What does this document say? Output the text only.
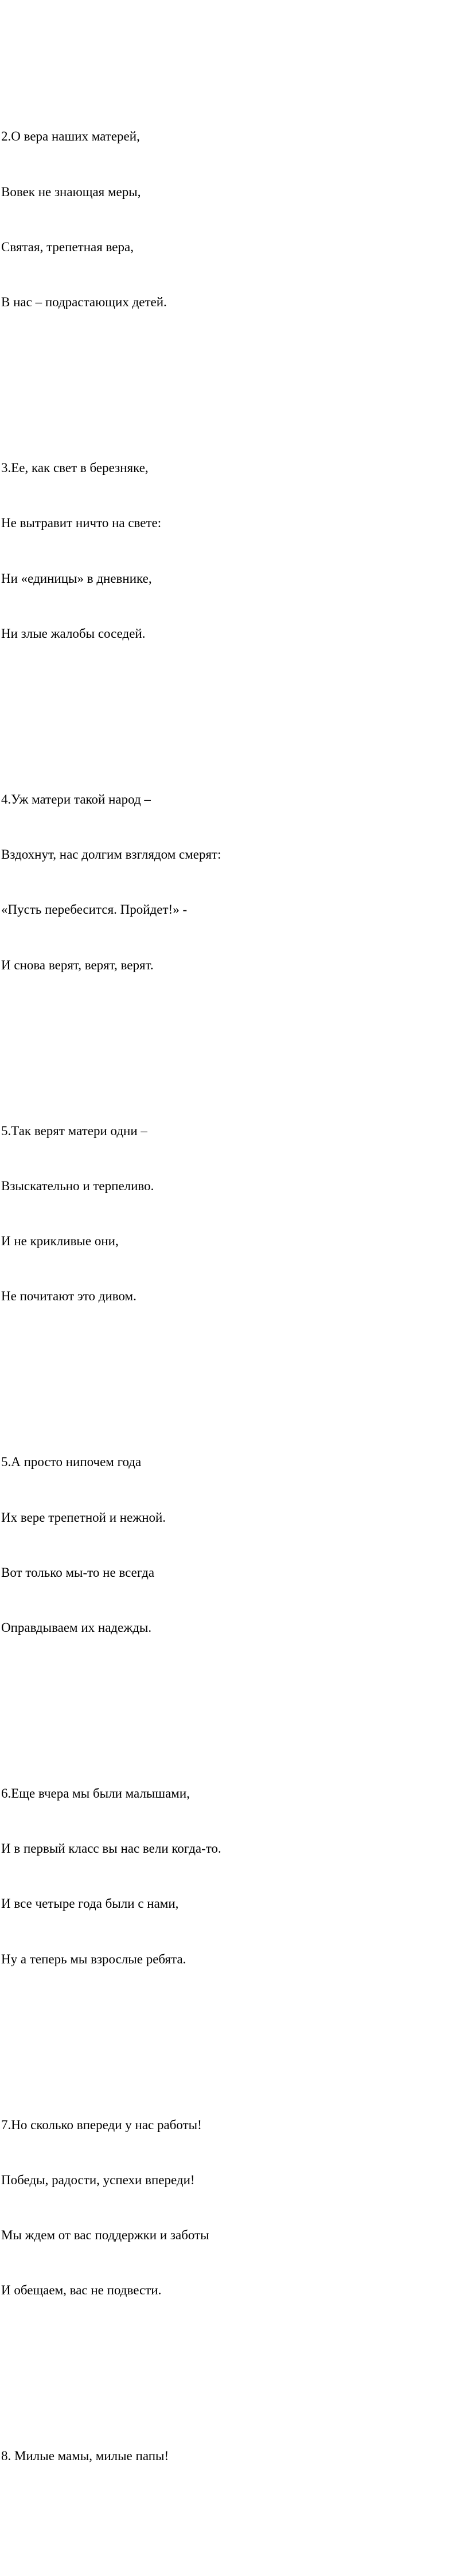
2.О вера наших матерей,

Вовек не знающая меры,

Святая, трепетная вера,

В нас – подрастающих детей.

3.Ее, как свет в березняке,

Не вытравит ничто на свете:

Ни «единицы» в дневнике,

Ни злые жалобы соседей.

4.Уж матери такой народ –

Вздохнут, нас долгим взглядом смерят:

«Пусть перебесится. Пройдет!» -

И снова верят, верят, верят.

5.Так верят матери одни –

Взыскательно и терпеливо.

И не крикливые они,

Не почитают это дивом.

5.А просто нипочем года

Их вере трепетной и нежной.

Вот только мы-то не всегда

Оправдываем их надежды.

6.Еще вчера мы были малышами,

И в первый класс вы нас вели когда-то.

И все четыре года были с нами,

Ну а теперь мы взрослые ребята.

7.Но сколько впереди у нас работы!

Победы, радости, успехи впереди!

Мы ждем от вас поддержки и заботы

И обещаем, вас не подвести.

8. Милые мамы, милые папы!
